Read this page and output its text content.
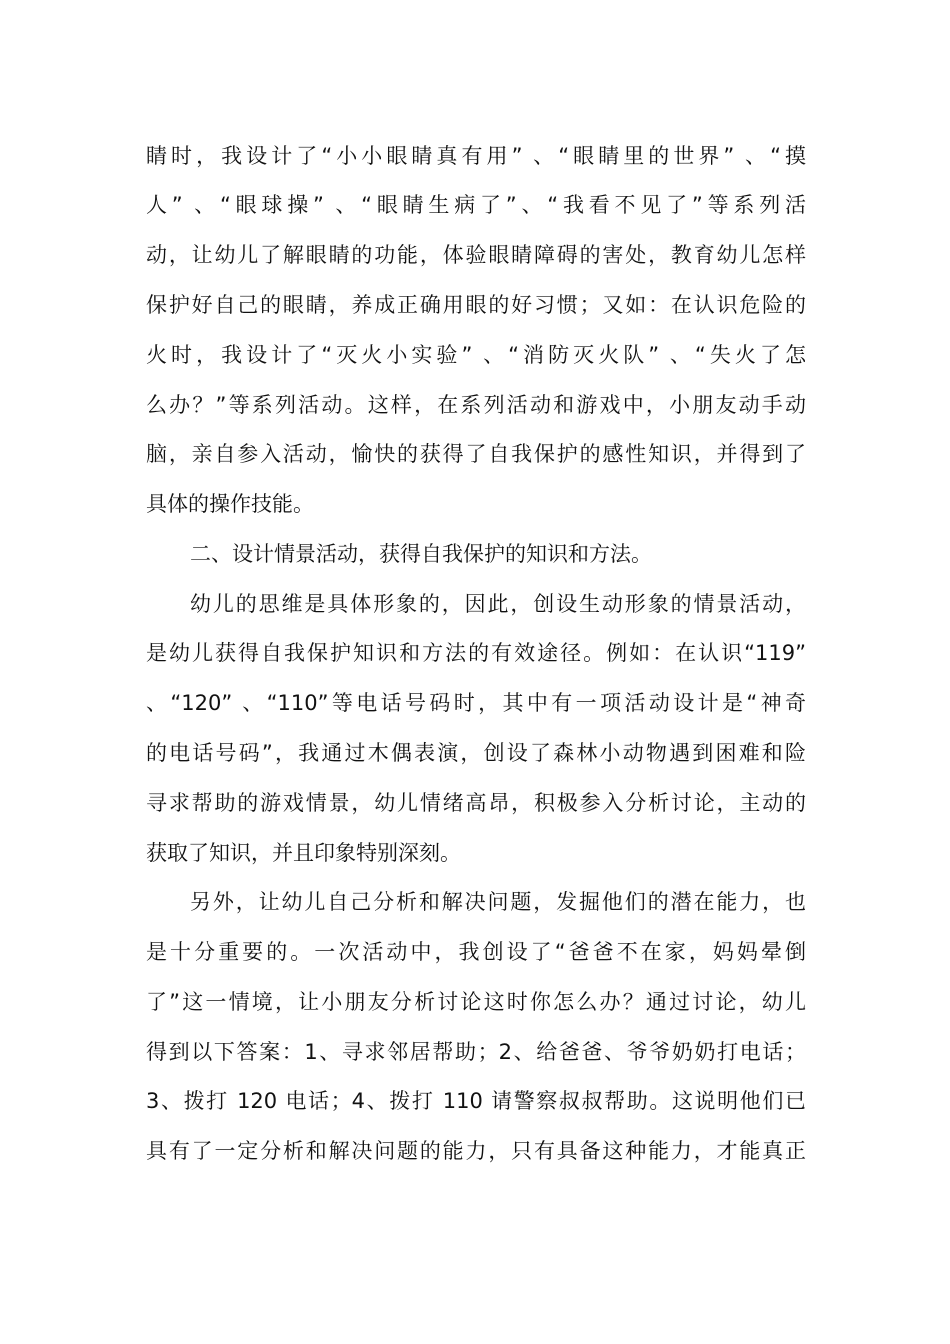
睛时，我设计了“小小眼睛真有用” 、“眼睛里的世界” 、“摸
人” 、“眼球操” 、“眼睛生病了”、“我看不见了”等系列活
动，让幼儿了解眼睛的功能，体验眼睛障碍的害处，教育幼儿怎样
保护好自己的眼睛，养成正确用眼的好习惯；又如：在认识危险的
火时，我设计了“灭火小实验” 、“消防灭火队” 、“失火了怎
么办？”等系列活动。这样，在系列活动和游戏中，小朋友动手动
脑，亲自参入活动，愉快的获得了自我保护的感性知识，并得到了
具体的操作技能。
二、设计情景活动，获得自我保护的知识和方法。
幼儿的思维是具体形象的，因此，创设生动形象的情景活动，
是幼儿获得自我保护知识和方法的有效途径。例如：在认识“119”
、“120” 、“110”等电话号码时，其中有一项活动设计是“神奇
的电话号码”，我通过木偶表演，创设了森林小动物遇到困难和险
寻求帮助的游戏情景，幼儿情绪高昂，积极参入分析讨论，主动的
获取了知识，并且印象特别深刻。
另外，让幼儿自己分析和解决问题，发掘他们的潜在能力，也
是十分重要的。一次活动中，我创设了“爸爸不在家，妈妈晕倒
了”这一情境，让小朋友分析讨论这时你怎么办？通过讨论，幼儿
得到以下答案：1、寻求邻居帮助；2、给爸爸、爷爷奶奶打电话；
3、拨打 120 电话；4、拨打 110 请警察叔叔帮助。这说明他们已
具有了一定分析和解决问题的能力，只有具备这种能力，才能真正
